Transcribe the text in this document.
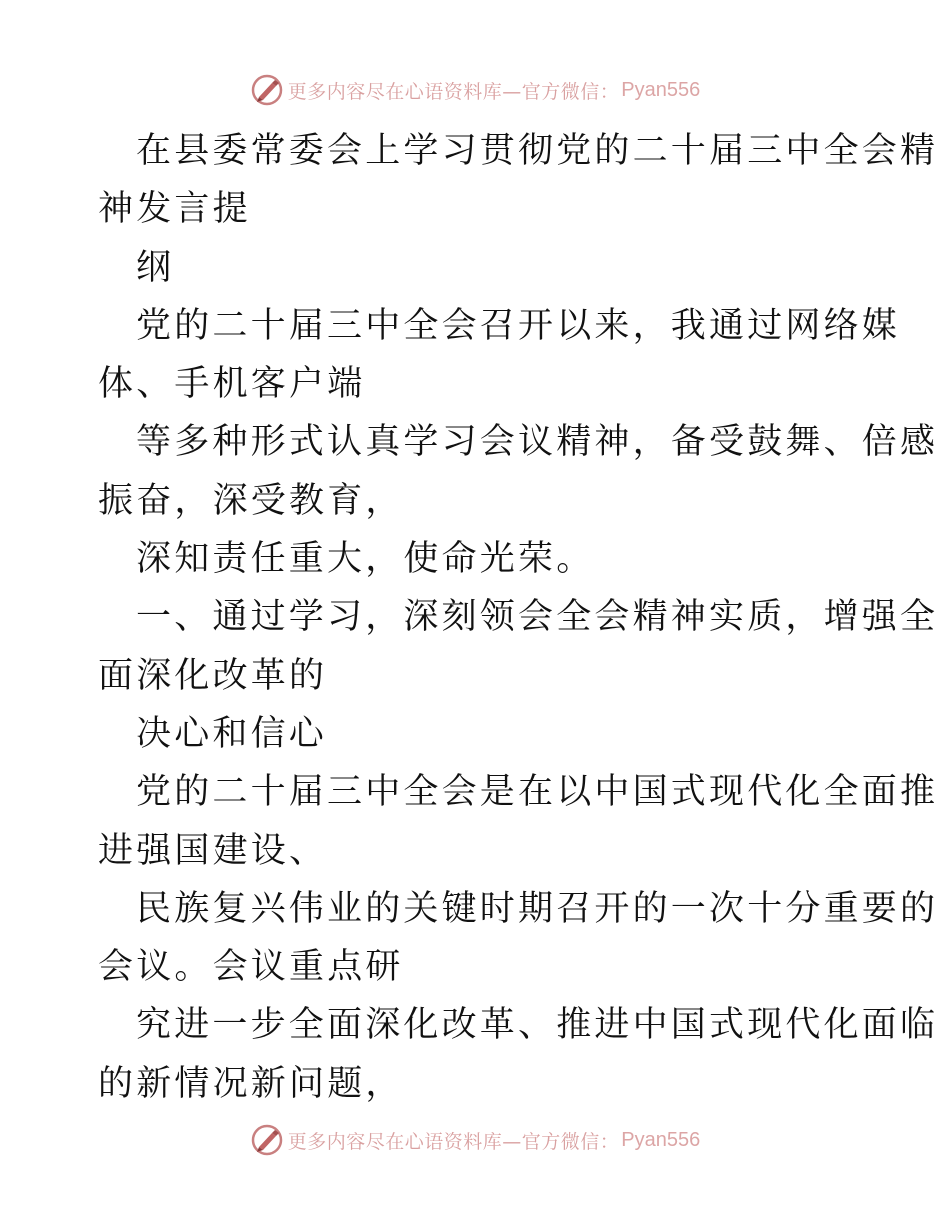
更多内容尽在心语资料库—官方微信： Pyan556
在县委常委会上学习贯彻党的二十届三中全会精
神发言提
纲
党的二十届三中全会召开以来，我通过网络媒
体、手机客户端
等多种形式认真学习会议精神，备受鼓舞、倍感
振奋，深受教育，
深知责任重大，使命光荣。
一、通过学习，深刻领会全会精神实质，增强全
面深化改革的
决心和信心
党的二十届三中全会是在以中国式现代化全面推
进强国建设、
民族复兴伟业的关键时期召开的一次十分重要的
会议。会议重点研
究进一步全面深化改革、推进中国式现代化面临
的新情况新问题，
更多内容尽在心语资料库—官方微信： Pyan556
